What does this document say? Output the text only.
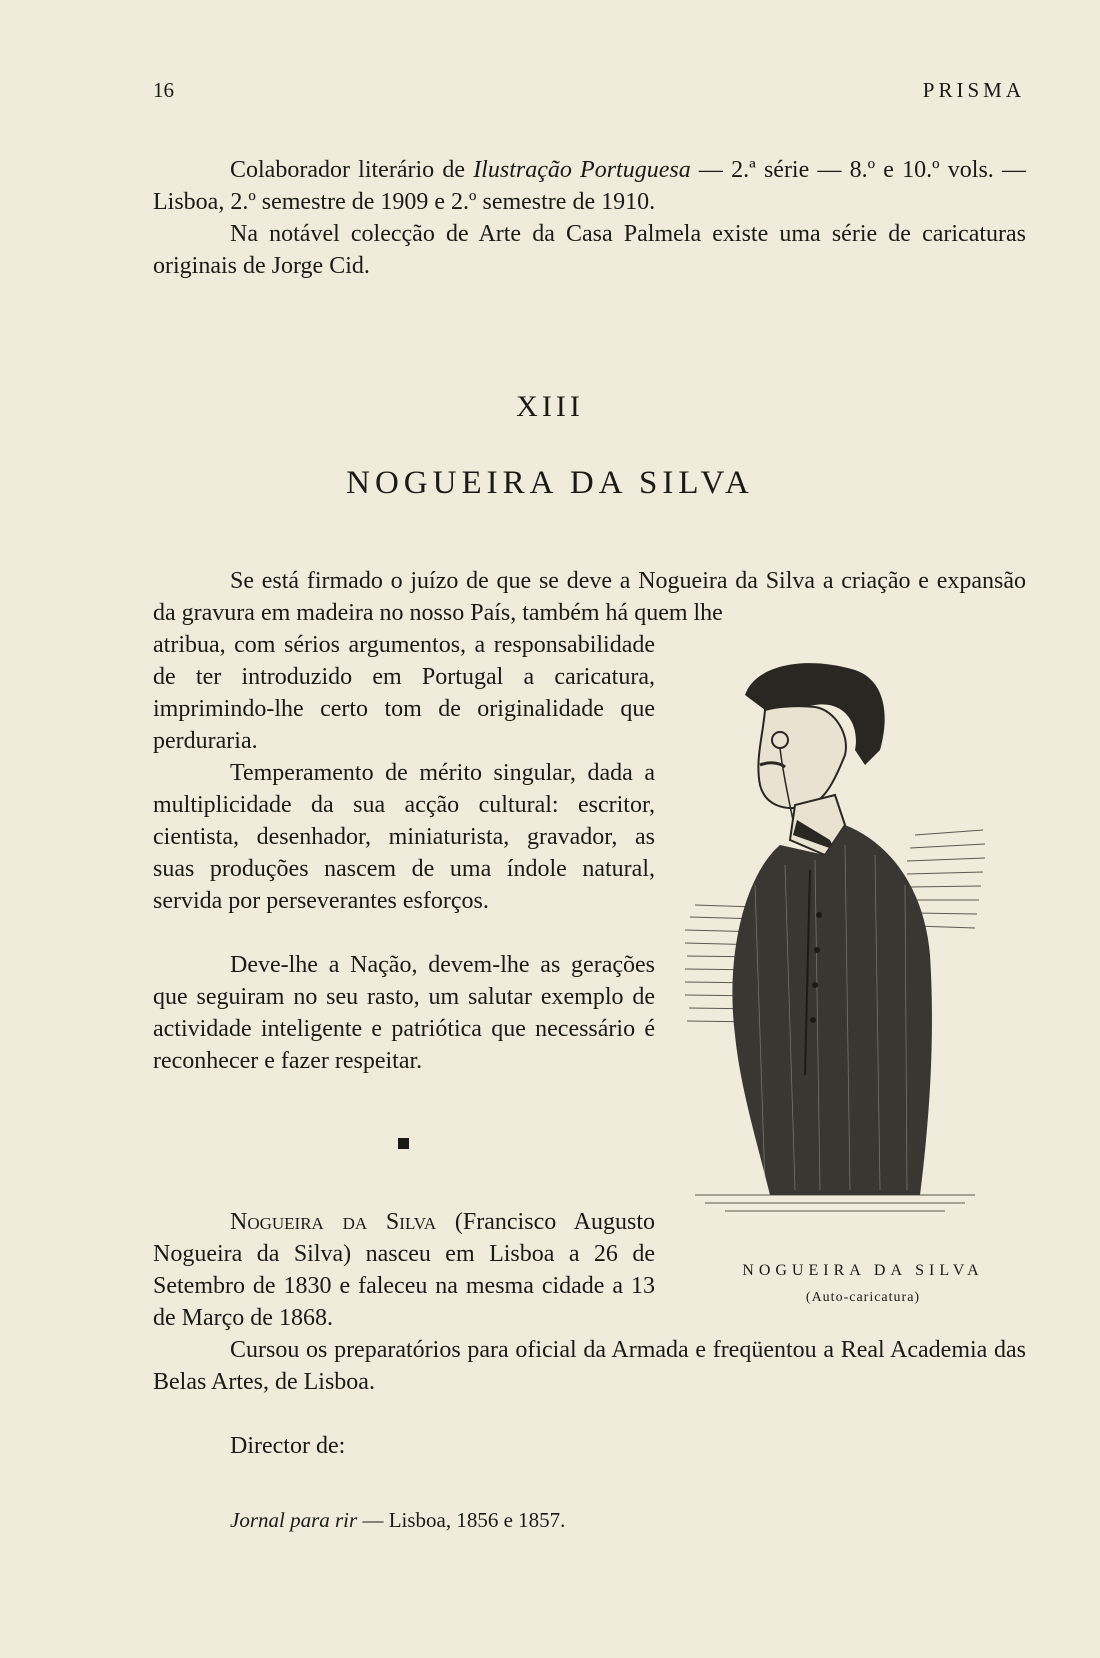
16	PRISMA

Colaborador literário de Ilustração Portuguesa — 2.ª série — 8.º e 10.º vols. — Lisboa, 2.º semestre de 1909 e 2.º semestre de 1910.

Na notável colecção de Arte da Casa Palmela existe uma série de caricaturas originais de Jorge Cid.

XIII
NOGUEIRA DA SILVA

Se está firmado o juízo de que se deve a Nogueira da Silva a criação e expansão da gravura em madeira no nosso País, também há quem lhe

atribua, com sérios argumentos, a responsabilidade de ter introduzido em Portugal a caricatura, imprimindo-lhe certo tom de originalidade que perduraria.

Temperamento de mérito singular, dada a multiplicidade da sua acção cultural: escritor, cientista, desenhador, miniaturista, gravador, as suas produções nascem de uma índole natural, servida por perseverantes esforços.

Deve-lhe a Nação, devem-lhe as gerações que seguiram no seu rasto, um salutar exemplo de actividade inteligente e patriótica que necessário é reconhecer e fazer respeitar.

Nogueira da Silva (Francisco Augusto Nogueira da Silva) nasceu em Lisboa a 26 de Setembro de 1830 e faleceu na mesma cidade a 13 de Março de 1868.

Cursou os preparatórios para oficial da Armada e freqüentou a Real Academia das Belas Artes, de Lisboa.

Director de:

Jornal para rir — Lisboa, 1856 e 1857.

NOGUEIRA DA SILVA
(Auto-caricatura)
